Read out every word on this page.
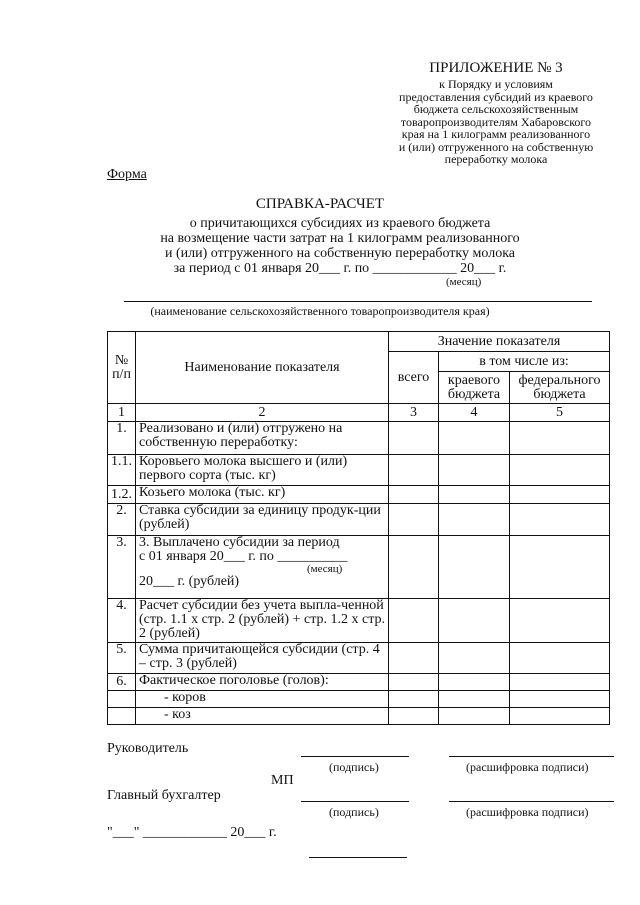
ПРИЛОЖЕНИЕ № 3
к Порядку и условиям
предоставления субсидий из краевого
бюджета сельскохозяйственным
товаропроизводителям Хабаровского
края на 1 килограмм реализованного
и (или) отгруженного на собственную
переработку молока
Форма
СПРАВКА-РАСЧЕТ
о причитающихся субсидиях из краевого бюджета
на возмещение части затрат на 1 килограмм реализованного
и (или) отгруженного на собственную переработку молока
за период с 01 января 20___ г. по ____________ 20___ г.
(месяц)
(наименование сельскохозяйственного товаропроизводителя края)
№ п/п	Наименование показателя	Значение показателя		
		всего	в том числе из:	
			краевого бюджета	федерального бюджета
1	2	3	4	5
1.	Реализовано и (или) отгружено на собственную переработку:			
1.1.	Коровьего молока высшего и (или) первого сорта (тыс. кг)			
1.2.	Козьего молока (тыс. кг)			
2.	Ставка субсидии за единицу продук-ции (рублей)			
3.	3. Выплачено субсидии за период
с 01 января 20___ г. по __________
(месяц)
20___ г. (рублей)			

4.	Расчет субсидии без учета выпла-ченной (стр. 1.1 x стр. 2 (рублей) + стр. 1.2 x стр. 2 (рублей)			
5.	Сумма причитающейся субсидии (стр. 4 – стр. 3 (рублей)			
6.	Фактическое поголовье (голов):			
	- коров			
	- коз			
Руководитель
(подпись)	(расшифровка подписи)
МП
Главный бухгалтер
(подпись)	(расшифровка подписи)
"___" ____________ 20___ г.
